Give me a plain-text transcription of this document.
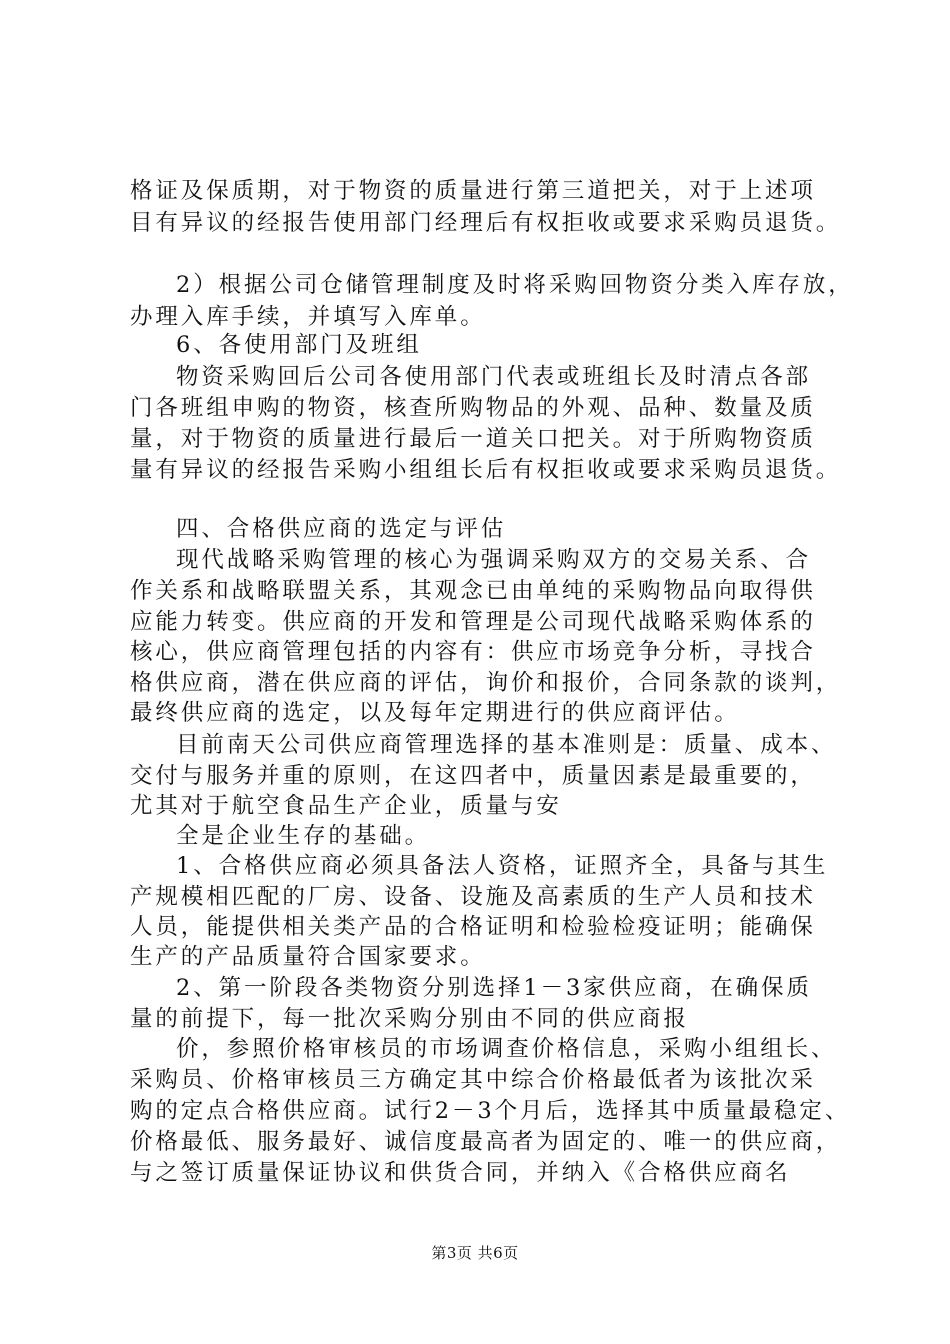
格证及保质期，对于物资的质量进行第三道把关，对于上述项
目有异议的经报告使用部门经理后有权拒收或要求采购员退货。
2）根据公司仓储管理制度及时将采购回物资分类入库存放，
办理入库手续，并填写入库单。
6、各使用部门及班组
物资采购回后公司各使用部门代表或班组长及时清点各部
门各班组申购的物资，核查所购物品的外观、品种、数量及质
量，对于物资的质量进行最后一道关口把关。对于所购物资质
量有异议的经报告采购小组组长后有权拒收或要求采购员退货。
四、合格供应商的选定与评估
现代战略采购管理的核心为强调采购双方的交易关系、合
作关系和战略联盟关系，其观念已由单纯的采购物品向取得供
应能力转变。供应商的开发和管理是公司现代战略采购体系的
核心，供应商管理包括的内容有：供应市场竞争分析，寻找合
格供应商，潜在供应商的评估，询价和报价，合同条款的谈判，
最终供应商的选定，以及每年定期进行的供应商评估。
目前南天公司供应商管理选择的基本准则是：质量、成本、
交付与服务并重的原则，在这四者中，质量因素是最重要的，
尤其对于航空食品生产企业，质量与安
全是企业生存的基础。
1、合格供应商必须具备法人资格，证照齐全，具备与其生
产规模相匹配的厂房、设备、设施及高素质的生产人员和技术
人员，能提供相关类产品的合格证明和检验检疫证明；能确保
生产的产品质量符合国家要求。
2、第一阶段各类物资分别选择1－3家供应商，在确保质
量的前提下，每一批次采购分别由不同的供应商报
价，参照价格审核员的市场调查价格信息，采购小组组长、
采购员、价格审核员三方确定其中综合价格最低者为该批次采
购的定点合格供应商。试行2－3个月后，选择其中质量最稳定、
价格最低、服务最好、诚信度最高者为固定的、唯一的供应商，
与之签订质量保证协议和供货合同，并纳入《合格供应商名
第3页 共6页
